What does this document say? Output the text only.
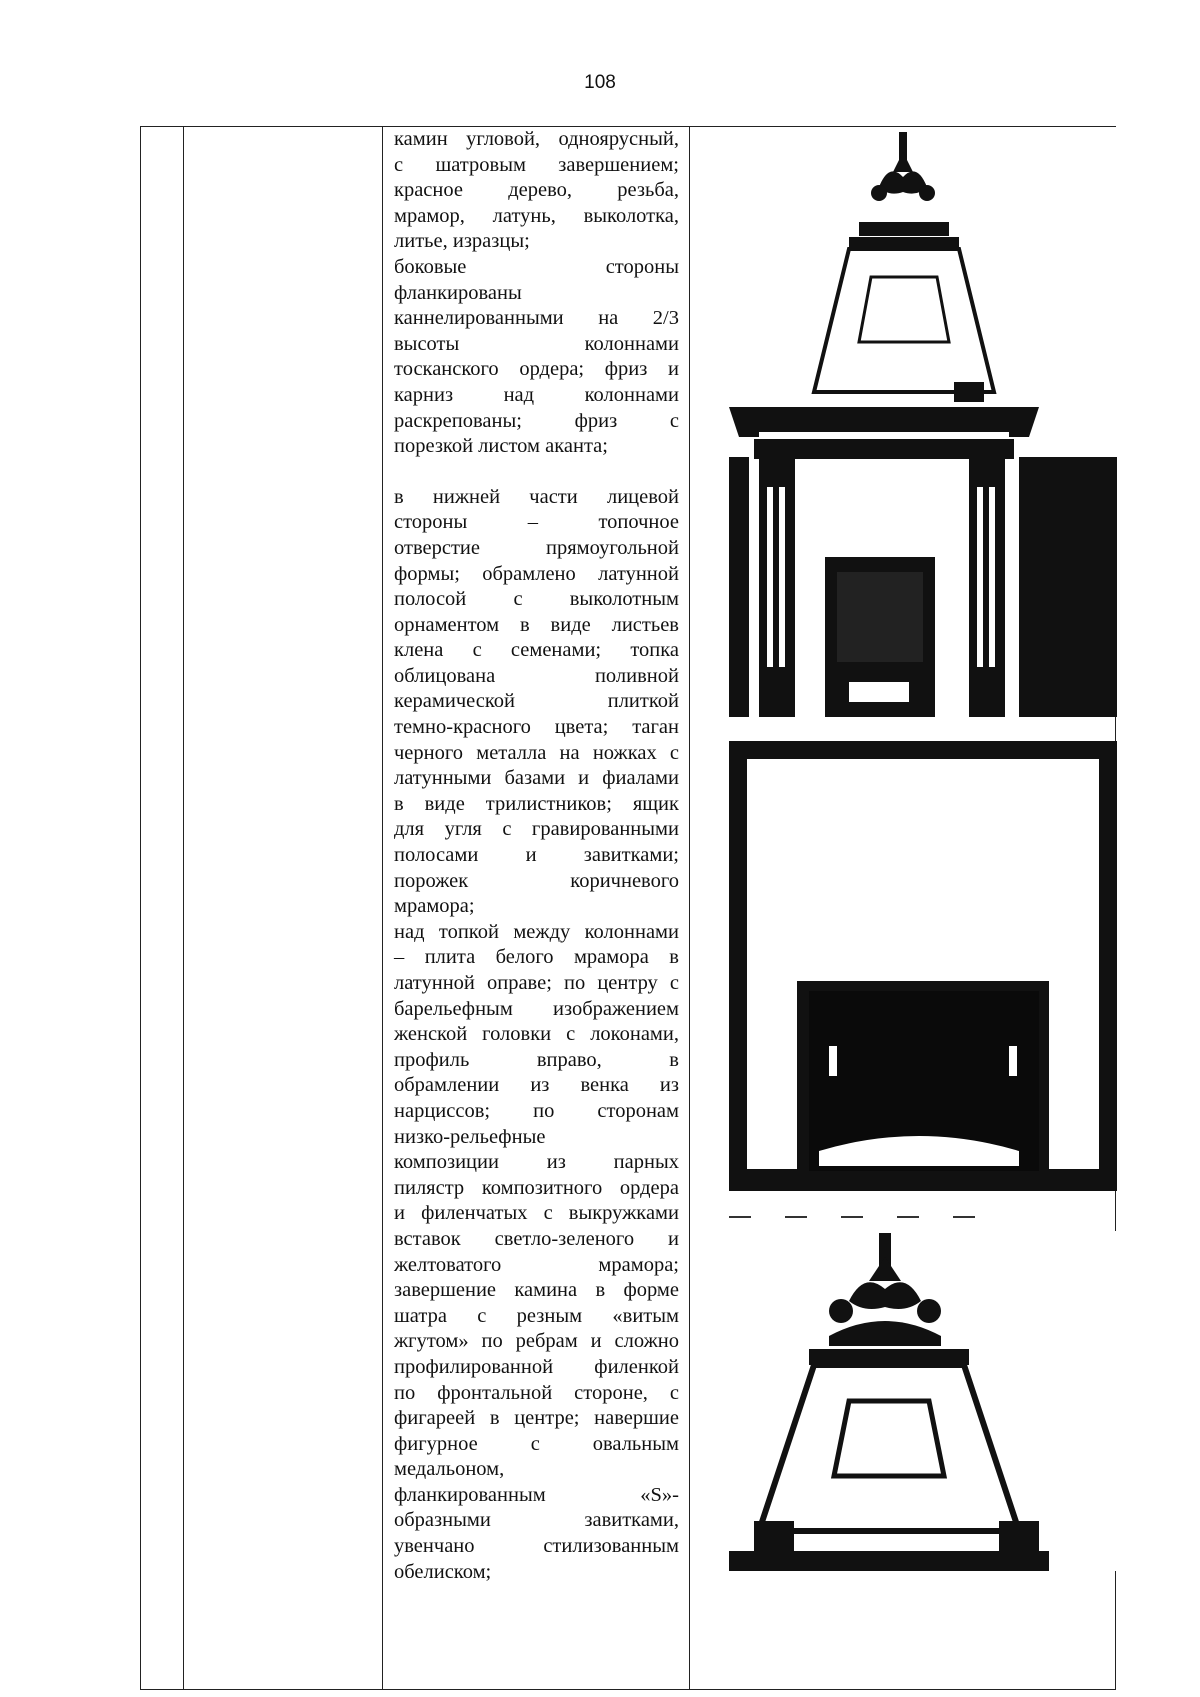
108

камин угловой, одноярусный,

с шатровым завершением;

красное дерево, резьба,

мрамор, латунь, выколотка,

литье, изразцы;

боковые стороны

фланкированы

каннелированными на 2/3

высоты колоннами

тосканского ордера; фриз и

карниз над колоннами

раскрепованы; фриз с

порезкой листом аканта;

в нижней части лицевой

стороны – топочное

отверстие прямоугольной

формы; обрамлено латунной

полосой с выколотным

орнаментом в виде листьев

клена с семенами; топка

облицована поливной

керамической плиткой

темно-красного цвета; таган

черного металла на ножках с

латунными базами и фиалами

в виде трилистников; ящик

для угля с гравированными

полосами и завитками;

порожек коричневого

мрамора;

над топкой между колоннами

– плита белого мрамора в

латунной оправе; по центру с

барельефным изображением

женской головки с локонами,

профиль вправо, в

обрамлении из венка из

нарциссов; по сторонам

низко-рельефные

композиции из парных

пилястр композитного ордера

и филенчатых с выкружками

вставок светло-зеленого и

желтоватого мрамора;

завершение камина в форме

шатра с резным «витым

жгутом» по ребрам и сложно

профилированной филенкой

по фронтальной стороне, с

фигареей в центре; навершие

фигурное с овальным

медальоном,

фланкированным «S»-

образными завитками,

увенчано стилизованным

обелиском;
